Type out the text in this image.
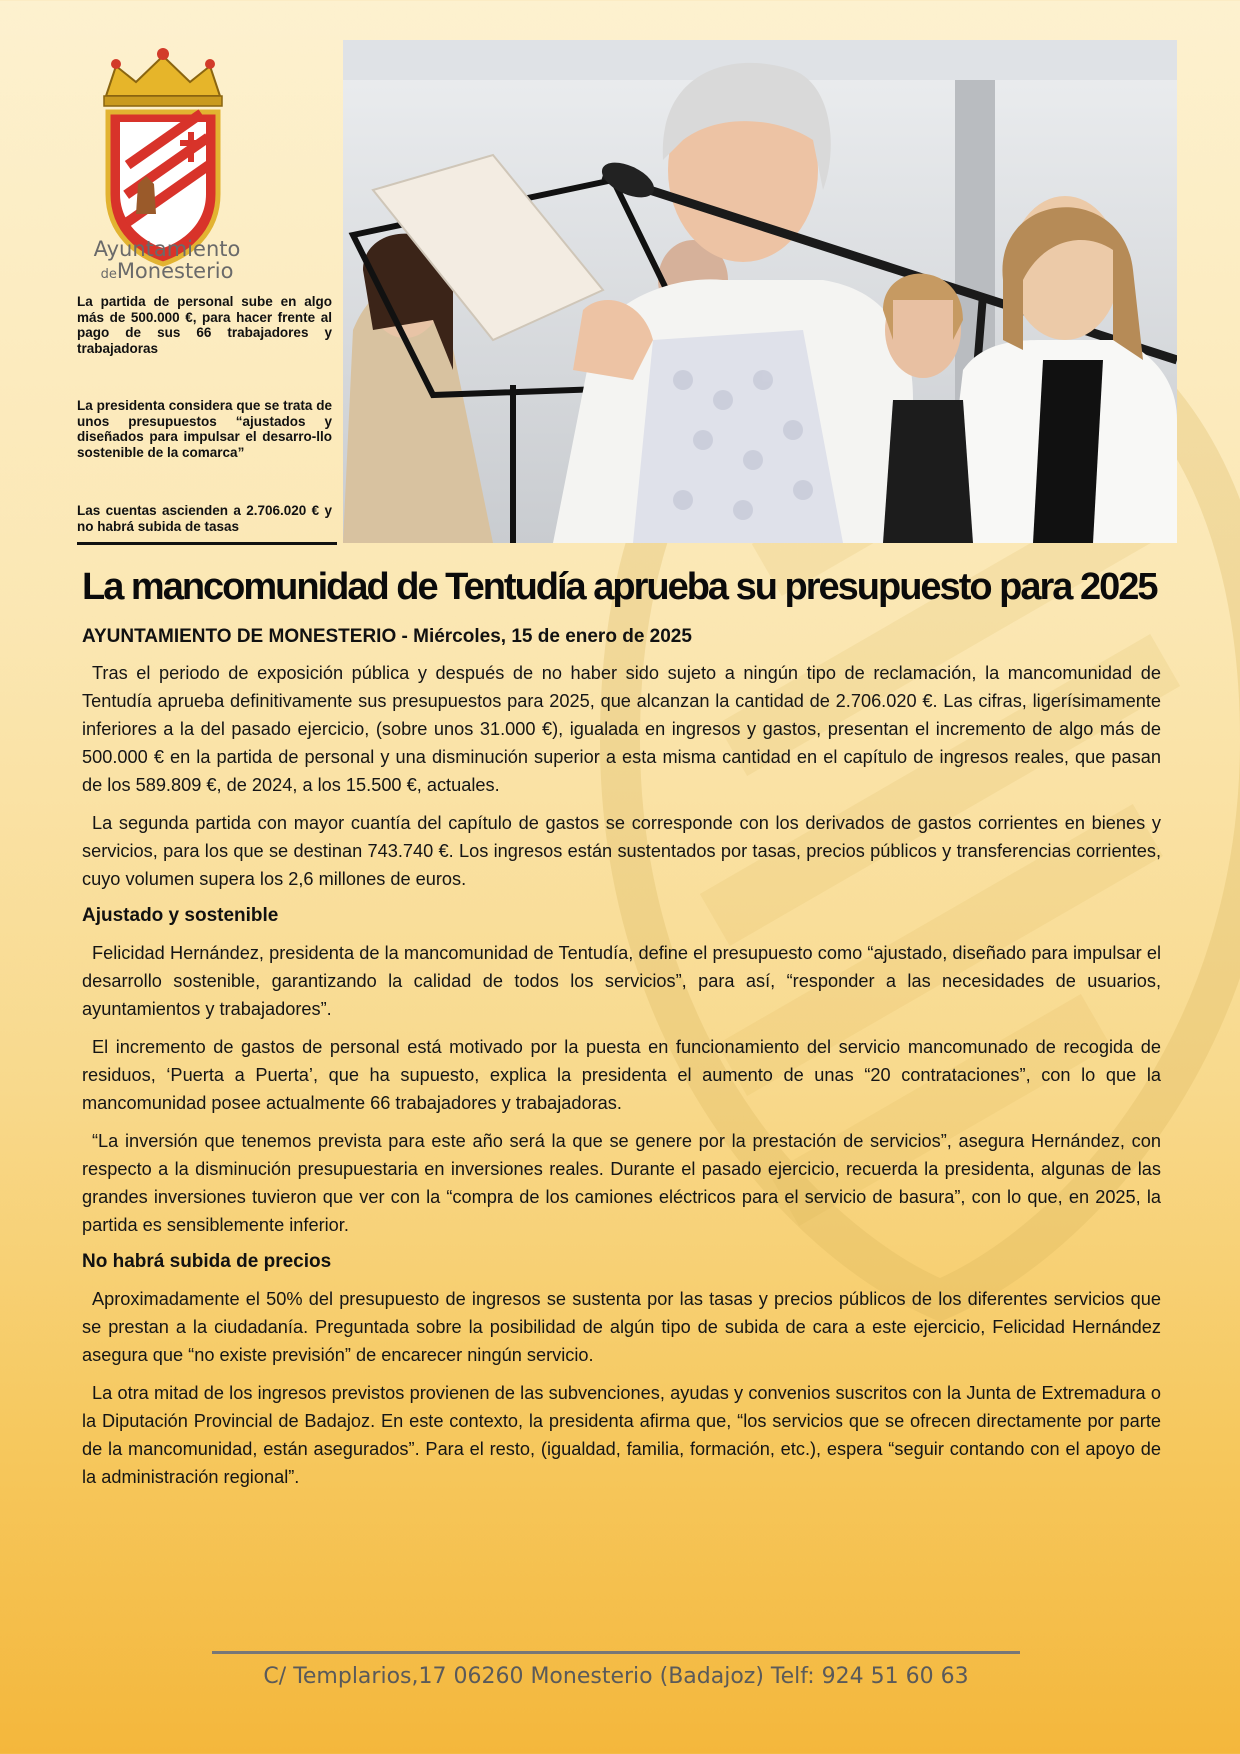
Ayuntamiento
deMonesterio

La partida de personal sube en algo más de 500.000 €, para hacer frente al pago de sus 66 trabajadores y trabajadoras

La presidenta considera que se trata de unos presupuestos “ajustados y diseñados para impulsar el desarro-llo sostenible de la comarca”

Las cuentas ascienden a 2.706.020 € y no habrá subida de tasas

La mancomunidad de Tentudía aprueba su presupuesto para 2025
AYUNTAMIENTO DE MONESTERIO - Miércoles, 15 de enero de 2025

Tras el periodo de exposición pública y después de no haber sido sujeto a ningún tipo de reclamación, la mancomunidad de Tentudía aprueba definitivamente sus presupuestos para 2025, que alcanzan la cantidad de 2.706.020 €. Las cifras, ligerísimamente inferiores a la del pasado ejercicio, (sobre unos 31.000 €), igualada en ingresos y gastos, presentan el incremento de algo más de 500.000 € en la partida de personal y una disminución superior a esta misma cantidad en el capítulo de ingresos reales, que pasan de los 589.809 €, de 2024, a los 15.500 €, actuales.

La segunda partida con mayor cuantía del capítulo de gastos se corresponde con los derivados de gastos corrientes en bienes y servicios, para los que se destinan 743.740 €. Los ingresos están sustentados por tasas, precios públicos y transferencias corrientes, cuyo volumen supera los 2,6 millones de euros.

Ajustado y sostenible

Felicidad Hernández, presidenta de la mancomunidad de Tentudía, define el presupuesto como “ajustado, diseñado para impulsar el desarrollo sostenible, garantizando la calidad de todos los servicios”, para así, “responder a las necesidades de usuarios, ayuntamientos y trabajadores”.

El incremento de gastos de personal está motivado por la puesta en funcionamiento del servicio mancomunado de recogida de residuos, ‘Puerta a Puerta’, que ha supuesto, explica la presidenta el aumento de unas “20 contrataciones”, con lo que la mancomunidad posee actualmente 66 trabajadores y trabajadoras.

“La inversión que tenemos prevista para este año será la que se genere por la prestación de servicios”, asegura Hernández, con respecto a la disminución presupuestaria en inversiones reales. Durante el pasado ejercicio, recuerda la presidenta, algunas de las grandes inversiones tuvieron que ver con la “compra de los camiones eléctricos para el servicio de basura”, con lo que, en 2025, la partida es sensiblemente inferior.

No habrá subida de precios

Aproximadamente el 50% del presupuesto de ingresos se sustenta por las tasas y precios públicos de los diferentes servicios que se prestan a la ciudadanía. Preguntada sobre la posibilidad de algún tipo de subida de cara a este ejercicio, Felicidad Hernández asegura que “no existe previsión” de encarecer ningún servicio.

La otra mitad de los ingresos previstos provienen de las subvenciones, ayudas y convenios suscritos con la Junta de Extremadura o la Diputación Provincial de Badajoz. En este contexto, la presidenta afirma que, “los servicios que se ofrecen directamente por parte de la mancomunidad, están asegurados”. Para el resto, (igualdad, familia, formación, etc.), espera “seguir contando con el apoyo de la administración regional”.

C/ Templarios,17 06260 Monesterio (Badajoz) Telf: 924 51 60 63
